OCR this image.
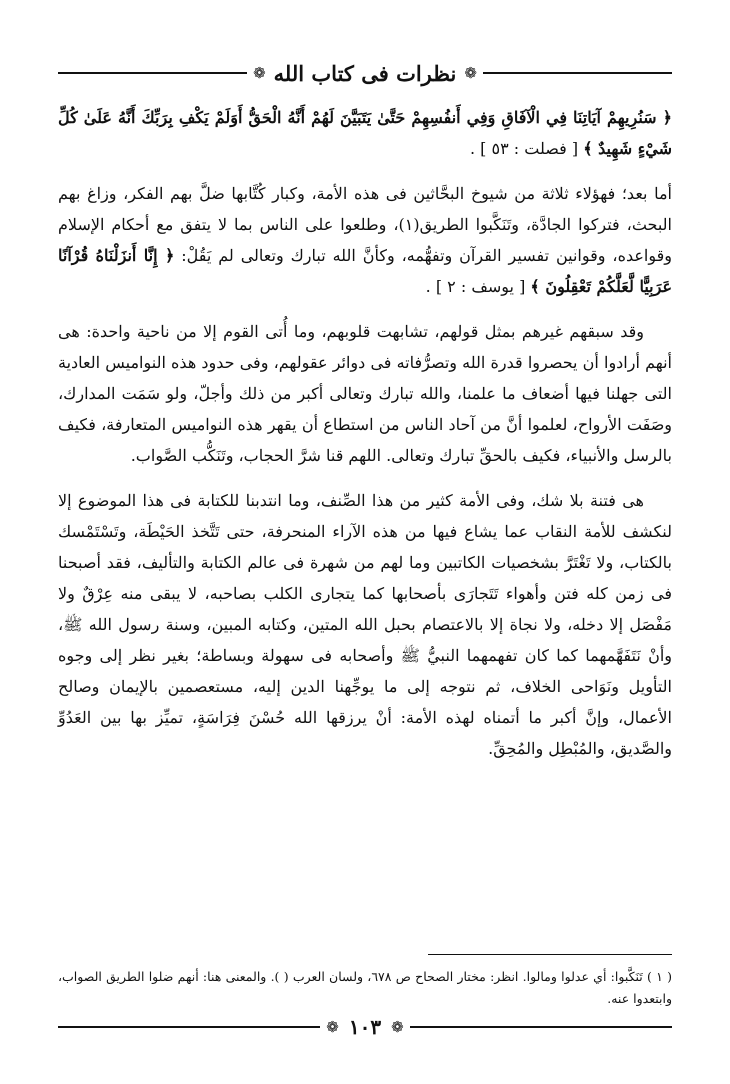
❁
نظرات فى كتاب الله
❁

﴿ سَنُرِيهِمْ آيَاتِنَا فِي الْآفَاقِ وَفِي أَنفُسِهِمْ حَتَّىٰ يَتَبَيَّنَ لَهُمْ أَنَّهُ الْحَقُّ أَوَلَمْ يَكْفِ بِرَبِّكَ أَنَّهُ عَلَىٰ كُلِّ شَيْءٍ شَهِيدٌ ﴾ [ فصلت : ٥٣ ] .

أما بعد؛ فهؤلاء ثلاثة من شيوخ البحَّاثين فى هذه الأمة، وكبار كُتَّابها ضلَّ بهم الفكر، وزاغ بهم البحث، فتركوا الجادَّة، وتَنَكَّبوا الطريق(١)، وطلعوا على الناس بما لا يتفق مع أحكام الإسلام وقواعده، وقوانين تفسير القرآن وتفهُّمه، وكأنَّ الله تبارك وتعالى لم يَقُلْ: ﴿ إِنَّا أَنزَلْنَاهُ قُرْآنًا عَرَبِيًّا لَّعَلَّكُمْ تَعْقِلُونَ ﴾ [ يوسف : ٢ ] .

وقد سبقهم غيرهم بمثل قولهم، تشابهت قلوبهم، وما أُتى القوم إلا من ناحية واحدة: هى أنهم أرادوا أن يحصروا قدرة الله وتصرُّفاته فى دوائر عقولهم، وفى حدود هذه النواميس العادية التى جهلنا فيها أضعاف ما علمنا، والله تبارك وتعالى أكبر من ذلك وأجلّ، ولو سَمَت المدارك، وصَفَت الأرواح، لعلموا أنَّ من آحاد الناس من استطاع أن يقهر هذه النواميس المتعارفة، فكيف بالرسل والأنبياء، فكيف بالحقِّ تبارك وتعالى. اللهم قنا شرَّ الحجاب، وتَنَكُّب الصَّواب.

هى فتنة بلا شك، وفى الأمة كثير من هذا الصِّنف، وما انتدبنا للكتابة فى هذا الموضوع إلا لنكشف للأمة النقاب عما يشاع فيها من هذه الآراء المنحرفة، حتى تَتَّخذ الحَيْطَة، وتَسْتَمْسك بالكتاب، ولا تَغْتَرَّ بشخصيات الكاتبين وما لهم من شهرة فى عالم الكتابة والتأليف، فقد أصبحنا فى زمن كله فتن وأهواء تَتَجارَى بأصحابها كما يتجارى الكلب بصاحبه، لا يبقى منه عِرْقٌ ولا مَفْصَل إلا دخله، ولا نجاة إلا بالاعتصام بحبل الله المتين، وكتابه المبين، وسنة رسول الله ﷺ، وأنْ نَتَفَهَّمهما كما كان تفهمهما النبيُّ ﷺ وأصحابه فى سهولة وبساطة؛ بغير نظر إلى وجوه التأويل ونَوَاحى الخلاف، ثم نتوجه إلى ما يوجِّهنا الدين إليه، مستعصمين بالإيمان وصالح الأعمال، وإنَّ أكبر ما أتمناه لهذه الأمة: أنْ يرزقها الله حُسْنَ فِرَاسَةٍ، تميِّز بها بين العَدُوِّ والصَّديق، والمُبْطِل والمُحِقِّ.

( ١ ) تَنَكَّبوا: أي عدلوا ومالوا. انظر: مختار الصحاح ص ٦٧٨، ولسان العرب ( ). والمعنى هنا: أنهم ضلوا الطريق الصواب، وابتعدوا عنه.
❁
١٠٣
❁
